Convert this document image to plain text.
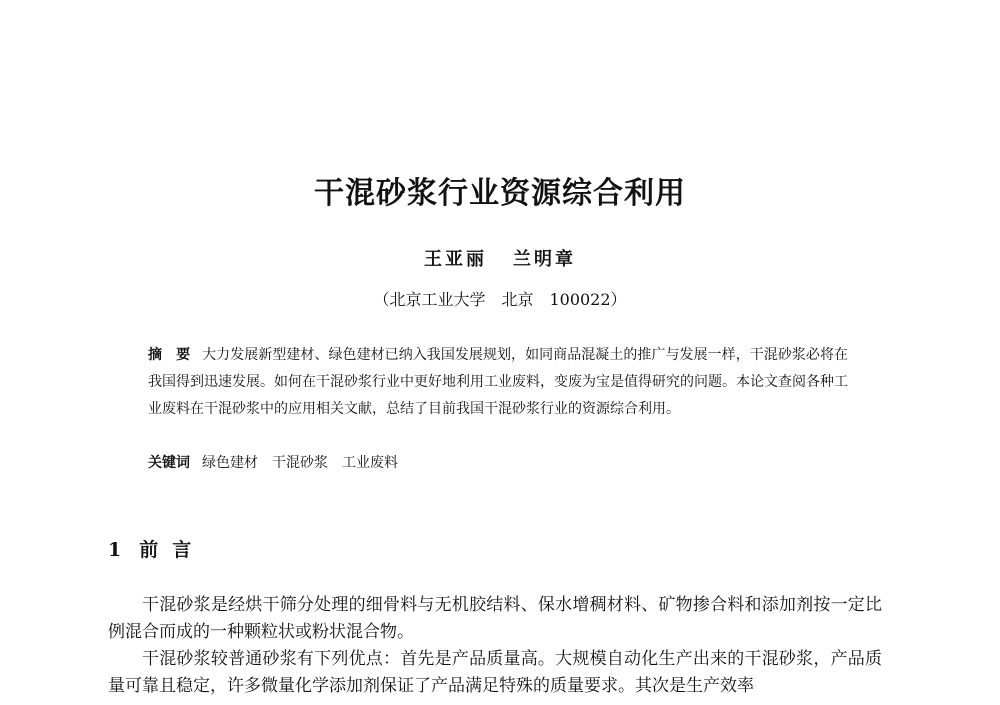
干混砂浆行业资源综合利用
王亚丽 兰明章
（北京工业大学　北京　100022）
摘　要 大力发展新型建材、绿色建材已纳入我国发展规划，如同商品混凝土的推广与发展一样，干混砂浆必将在我国得到迅速发展。如何在干混砂浆行业中更好地利用工业废料，变废为宝是值得研究的问题。本论文查阅各种工业废料在干混砂浆中的应用相关文献，总结了目前我国干混砂浆行业的资源综合利用。
关键词 绿色建材 干混砂浆 工业废料
1 前言

干混砂浆是经烘干筛分处理的细骨料与无机胶结料、保水增稠材料、矿物掺合料和添加剂按一定比例混合而成的一种颗粒状或粉状混合物。

干混砂浆较普通砂浆有下列优点：首先是产品质量高。大规模自动化生产出来的干混砂浆，产品质量可靠且稳定，许多微量化学添加剂保证了产品满足特殊的质量要求。其次是生产效率
